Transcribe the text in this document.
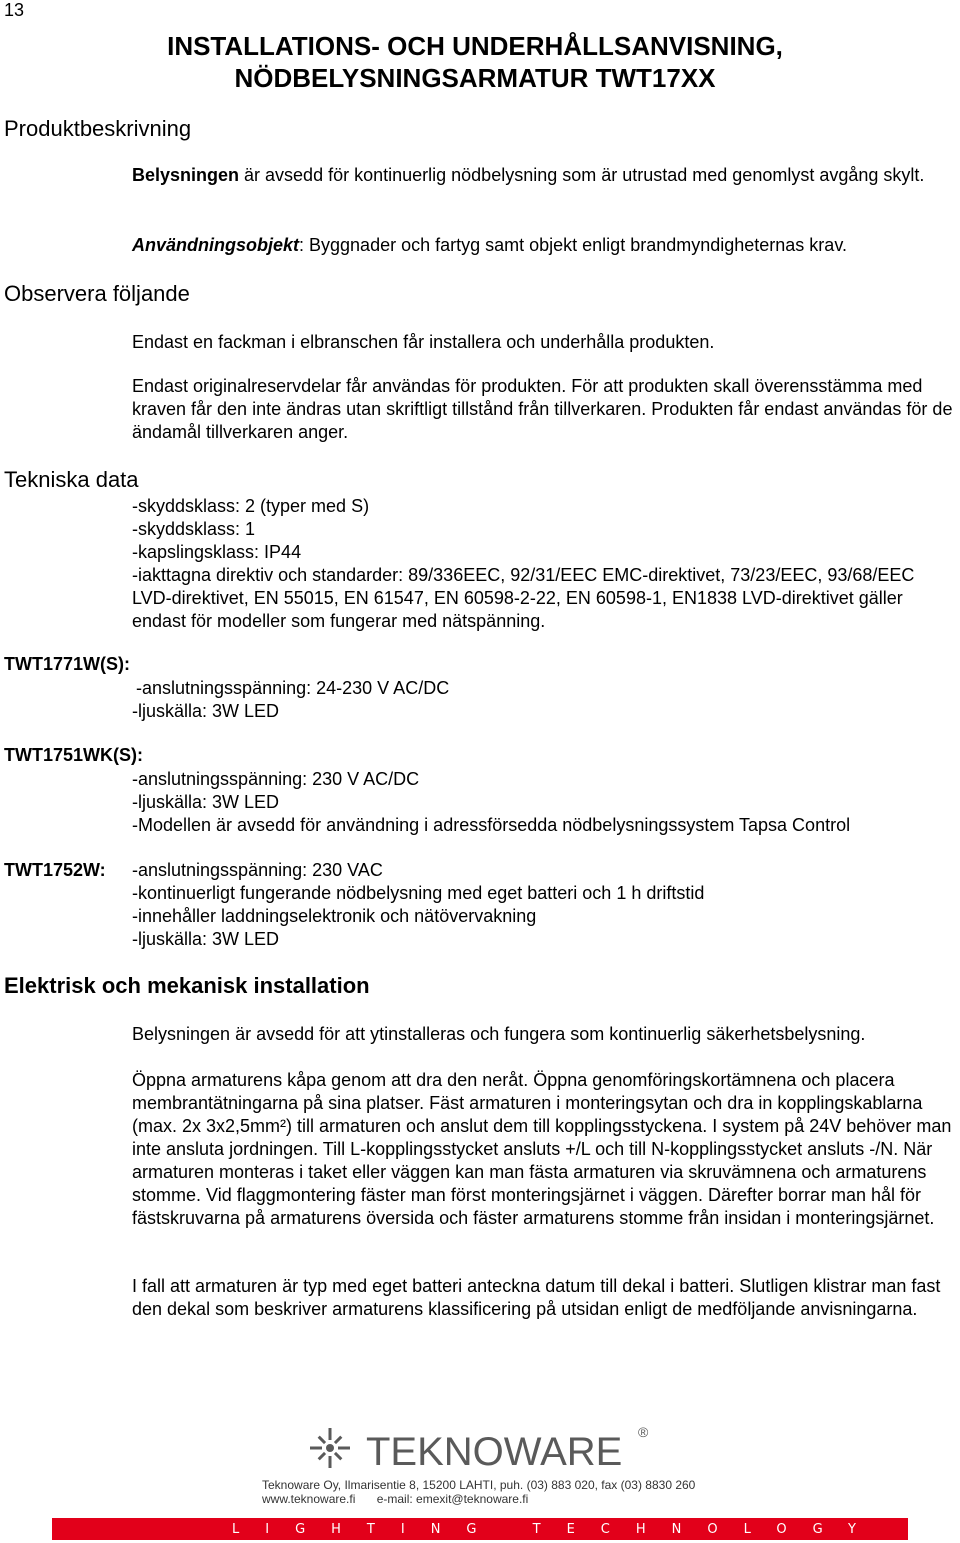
13
INSTALLATIONS- OCH UNDERHÅLLSANVISNING,
NÖDBELYSNINGSARMATUR TWT17XX
Produktbeskrivning

Belysningen är avsedd för kontinuerlig nödbelysning som är utrustad med genomlyst avgång skylt.

Användningsobjekt: Byggnader och fartyg samt objekt enligt brandmyndigheternas krav.

Observera följande

Endast en fackman i elbranschen får installera och underhålla produkten.

Endast originalreservdelar får användas för produkten. För att produkten skall överensstämma med kraven får den inte ändras utan skriftligt tillstånd från tillverkaren. Produkten får endast användas för de ändamål tillverkaren anger.

Tekniska data
-skyddsklass: 2 (typer med S)
-skyddsklass: 1
-kapslingsklass: IP44
-iakttagna direktiv och standarder: 89/336EEC, 92/31/EEC EMC-direktivet, 73/23/EEC, 93/68/EEC LVD-direktivet, EN 55015, EN 61547, EN 60598-2-22, EN 60598-1, EN1838 LVD-direktivet gäller endast för modeller som fungerar med nätspänning.
TWT1771W(S):
-anslutningsspänning: 24-230 V AC/DC
-ljuskälla: 3W LED
TWT1751WK(S):
-anslutningsspänning: 230 V AC/DC
-ljuskälla: 3W LED
-Modellen är avsedd för användning i adressförsedda nödbelysningssystem Tapsa Control
TWT1752W: -anslutningsspänning: 230 VAC
-kontinuerligt fungerande nödbelysning med eget batteri och 1 h driftstid
-innehåller laddningselektronik och nätövervakning
-ljuskälla: 3W LED
Elektrisk och mekanisk installation

Belysningen är avsedd för att ytinstalleras och fungera som kontinuerlig säkerhetsbelysning.

Öppna armaturens kåpa genom att dra den neråt. Öppna genomföringskortämnena och placera membrantätningarna på sina platser. Fäst armaturen i monteringsytan och dra in kopplingskablarna (max. 2x 3x2,5mm²) till armaturen och anslut dem till kopplingsstyckena. I system på 24V behöver man inte ansluta jordningen. Till L-kopplingsstycket ansluts +/L och till N-kopplingsstycket ansluts -/N. När armaturen monteras i taket eller väggen kan man fästa armaturen via skruvämnena och armaturens stomme. Vid flaggmontering fäster man först monteringsjärnet i väggen. Därefter borrar man hål för fästskruvarna på armaturens översida och fäster armaturens stomme från insidan i monteringsjärnet.

I fall att armaturen är typ med eget batteri anteckna datum till dekal i batteri. Slutligen klistrar man fast den dekal som beskriver armaturens klassificering på utsidan enligt de medföljande anvisningarna.

TEKNOWARE ®
Teknoware Oy, Ilmarisentie 8, 15200 LAHTI, puh. (03) 883 020, fax (03) 8830 260
www.teknoware.fi e-mail: emexit@teknoware.fi
LIGHTING TECHNOLOGY
